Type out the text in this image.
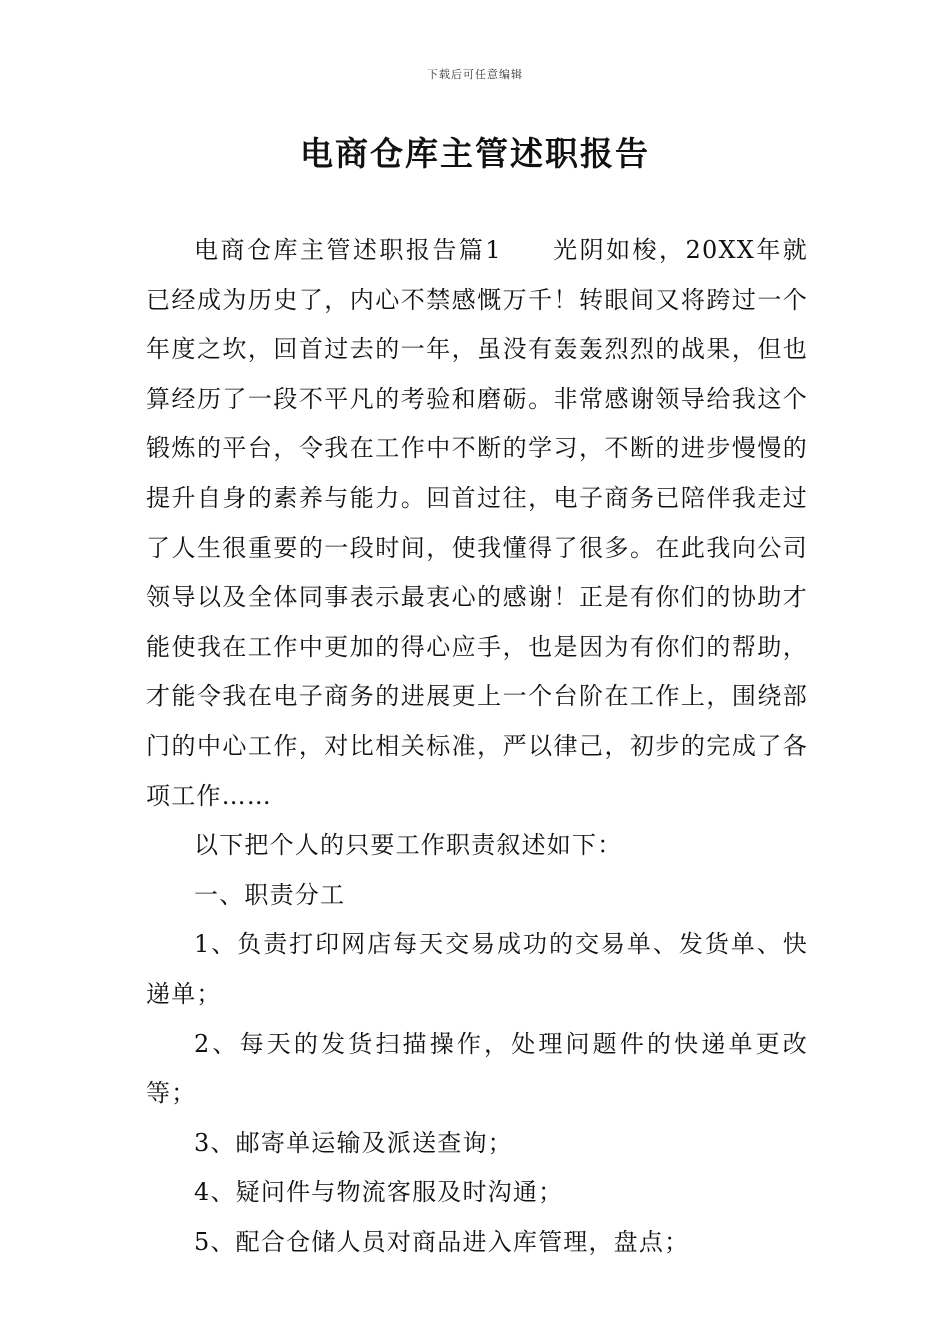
下载后可任意编辑
电商仓库主管述职报告

电商仓库主管述职报告篇1 光阴如梭，20XX年就已经成为历史了，内心不禁感慨万千！转眼间又将跨过一个年度之坎，回首过去的一年，虽没有轰轰烈烈的战果，但也算经历了一段不平凡的考验和磨砺。非常感谢领导给我这个锻炼的平台，令我在工作中不断的学习，不断的进步慢慢的提升自身的素养与能力。回首过往，电子商务已陪伴我走过了人生很重要的一段时间，使我懂得了很多。在此我向公司领导以及全体同事表示最衷心的感谢！正是有你们的协助才能使我在工作中更加的得心应手，也是因为有你们的帮助，才能令我在电子商务的进展更上一个台阶在工作上，围绕部门的中心工作，对比相关标准，严以律己，初步的完成了各项工作……

以下把个人的只要工作职责叙述如下：

一、职责分工

1、负责打印网店每天交易成功的交易单、发货单、快递单；

2、每天的发货扫描操作，处理问题件的快递单更改等；

3、邮寄单运输及派送查询；

4、疑问件与物流客服及时沟通；

5、配合仓储人员对商品进入库管理，盘点；
